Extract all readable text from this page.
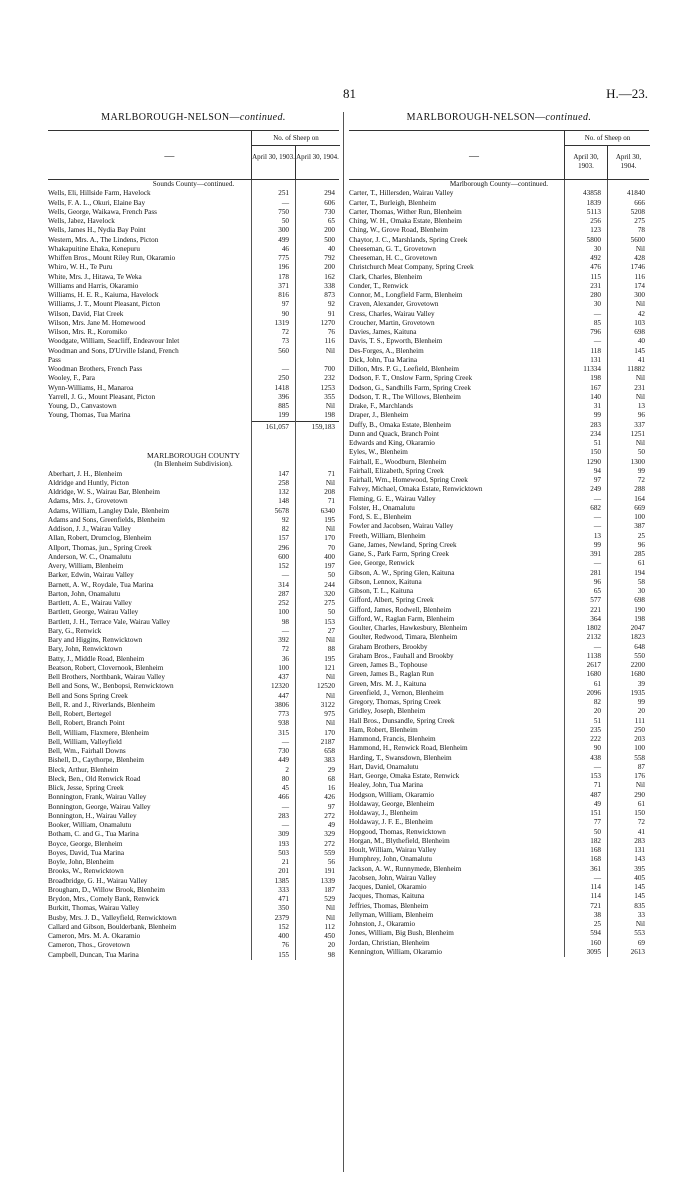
81	H.—23.
MARLBOROUGH-NELSON—continued.
—
No. of Sheep on
April 30, 1903. April 30, 1904.
Sounds County—continued.
Wells, Eli, Hillside Farm, Havelock	251	294
Wells, F. A. L., Okuri, Elaine Bay	—	606
Wells, George, Waikawa, French Pass	750	730
Wells, Jabez, Havelock	50	65
Wells, James H., Nydia Bay Point	300	200
Western, Mrs. A., The Lindens, Picton	499	500
Whakapuitine Ehaka, Kenepuru	46	40
Whiffen Bros., Mount Riley Run, Okaramio	775	792
Whiro, W. H., Te Puru	196	200
White, Mrs. J., Hitawa, Te Weka	178	162
Williams and Harris, Okaramio	371	338
Williams, H. E. R., Kaiuma, Havelock	816	873
Williams, J. T., Mount Pleasant, Picton	97	92
Wilson, David, Flat Creek	90	91
Wilson, Mrs. Jane M. Homewood	1319	1270
Wilson, Mrs. R., Koromiko	72	76
Woodgate, William, Seacliff, Endeavour Inlet	73	116
Woodman and Sons, D'Urville Island, French	560	Nil
Pass
Woodman Brothers, French Pass	—	700
Wooley, F., Para	250	232
Wynn-Williams, H., Manaroa	1418	1253
Yarrell, J. G., Mount Pleasant, Picton	396	355
Young, D., Canvastown	885	Nil
Young, Thomas, Tua Marina	199	198
161,057	159,183
MARLBOROUGH COUNTY
(In Blenheim Subdivision).
Aberhart, J. H., Blenheim	147	71
Aldridge and Huntly, Picton	258	Nil
Aldridge, W. S., Wairau Bar, Blenheim	132	208
Adams, Mrs. J., Grovetown	148	71
Adams, William, Langley Dale, Blenheim	5678	6340
Adams and Sons, Greenfields, Blenheim	92	195
Addison, J. J., Wairau Valley	82	Nil
Allan, Robert, Drumclog, Blenheim	157	170
Allport, Thomas, jun., Spring Creek	296	70
Anderson, W. C., Onamalutu	600	400
Avery, William, Blenheim	152	197
Barker, Edwin, Wairau Valley	—	50
Barnett, A. W., Roydale, Tua Marina	314	244
Barton, John, Onamalutu	287	320
Bartlett, A. E., Wairau Valley	252	275
Bartlett, George, Wairau Valley	100	50
Bartlett, J. H., Terrace Vale, Wairau Valley	98	153
Bary, G., Renwick	—	27
Bary and Higgins, Renwicktown	392	Nil
Bary, John, Renwicktown	72	88
Batty, J., Middle Road, Blenheim	36	195
Beatson, Robert, Clovernook, Blenheim	100	121
Bell Brothers, Northbank, Wairau Valley	437	Nil
Bell and Sons, W., Benbopsi, Renwicktown	12320	12520
Bell and Sons Spring Creek	447	Nil
Bell, R. and J., Riverlands, Blenheim	3806	3122
Bell, Robert, Bertegel	773	975
Bell, Robert, Branch Point	938	Nil
Bell, William, Flaxmere, Blenheim	315	170
Bell, William, Valleyfield	—	2187
Bell, Wm., Fairhall Downs	730	658
Bishell, D., Caythorpe, Blenheim	449	383
Bleck, Arthur, Blenheim	2	29
Bleck, Ben., Old Renwick Road	80	68
Blick, Jesse, Spring Creek	45	16
Bonnington, Frank, Wairau Valley	466	426
Bonnington, George, Wairau Valley	—	97
Bonnington, H., Wairau Valley	283	272
Booker, William, Onamalutu	—	49
Botham, C. and G., Tua Marina	309	329
Boyce, George, Blenheim	193	272
Boyes, David, Tua Marina	503	559
Boyle, John, Blenheim	21	56
Brooks, W., Renwicktown	201	191
Broadbridge, G. H., Wairau Valley	1385	1339
Brougham, D., Willow Brook, Blenheim	333	187
Brydon, Mrs., Comely Bank, Renwick	471	529
Burkitt, Thomas, Wairau Valley	350	Nil
Busby, Mrs. J. D., Valleyfield, Renwicktown	2379	Nil
Callard and Gibson, Boulderbank, Blenheim	152	112
Cameron, Mrs. M. A. Okaramio	400	450
Cameron, Thos., Grovetown	76	20
Campbell, Duncan, Tua Marina	155	98
MARLBOROUGH-NELSON—continued.
—
No. of Sheep on
April 30, 1903.
April 30, 1904.
Marlborough County—continued.
Carter, T., Hillersden, Wairau Valley	43858	41840
Carter, T., Burleigh, Blenheim	1839	666
Carter, Thomas, Wither Run, Blenheim	5113	5208
Ching, W. H., Omaka Estate, Blenheim	256	275
Ching, W., Grove Road, Blenheim	123	78
Chaytor, J. C., Marshlands, Spring Creek	5800	5600
Cheeseman, G. T., Grovetown	30	Nil
Cheeseman, H. C., Grovetown	492	428
Christchurch Meat Company, Spring Creek	476	1746
Clark, Charles, Blenheim	115	116
Conder, T., Renwick	231	174
Connor, M., Longfield Farm, Blenheim	280	300
Craven, Alexander, Grovetown	30	Nil
Cress, Charles, Wairau Valley	—	42
Croucher, Martin, Grovetown	85	103
Davies, James, Kaituna	796	698
Davis, T. S., Epworth, Blenheim	—	40
Des-Forges, A., Blenheim	118	145
Dick, John, Tua Marina	131	41
Dillon, Mrs. P. G., Leefield, Blenheim	11334	11882
Dodson, F. T., Onslow Farm, Spring Creek	198	Nil
Dodson, G., Sandhills Farm, Spring Creek	167	231
Dodson, T. R., The Willows, Blenheim	140	Nil
Drake, F., Marchlands	31	13
Draper, J., Blenheim	99	96
Duffy, B., Omaka Estate, Blenheim	283	337
Dunn and Quack, Branch Point	234	1251
Edwards and King, Okaramio	51	Nil
Eyles, W., Blenheim	150	50
Fairhall, E., Woodburn, Blenheim	1290	1300
Fairhall, Elizabeth, Spring Creek	94	99
Fairhall, Wm., Homewood, Spring Creek	97	72
Falvey, Michael, Omaka Estate, Renwicktown	249	288
Fleming, G. E., Wairau Valley	—	164
Folster, H., Onamalutu	682	669
Ford, S. E., Blenheim	—	100
Fowler and Jacobsen, Wairau Valley	—	387
Freeth, William, Blenheim	13	25
Gane, James, Newland, Spring Creek	99	96
Gane, S., Park Farm, Spring Creek	391	285
Gee, George, Renwick	—	61
Gibson, A. W., Spring Glen, Kaituna	281	194
Gibson, Lennox, Kaituna	96	58
Gibson, T. L., Kaituna	65	30
Gifford, Albert, Spring Creek	577	698
Gifford, James, Rodwell, Blenheim	221	190
Gifford, W., Raglan Farm, Blenheim	364	198
Goulter, Charles, Hawkesbury, Blenheim	1802	2047
Goulter, Redwood, Timara, Blenheim	2132	1823
Graham Brothers, Brookby	—	648
Graham Bros., Fauhall and Brookby	1138	550
Green, James B., Tophouse	2617	2200
Green, James B., Raglan Run	1680	1680
Green, Mrs. M. J., Kaituna	61	39
Greenfield, J., Vernon, Blenheim	2096	1935
Gregory, Thomas, Spring Creek	82	99
Gridley, Joseph, Blenheim	20	20
Hall Bros., Dunsandle, Spring Creek	51	111
Ham, Robert, Blenheim	235	250
Hammond, Francis, Blenheim	222	203
Hammond, H., Renwick Road, Blenheim	90	100
Harding, T., Swansdown, Blenheim	438	558
Hart, David, Onamalutu	—	87
Hart, George, Omaka Estate, Renwick	153	176
Healey, John, Tua Marina	71	Nil
Hodgson, William, Okaramio	487	290
Holdaway, George, Blenheim	49	61
Holdaway, J., Blenheim	151	150
Holdaway, J. F. E., Blenheim	77	72
Hopgood, Thomas, Renwicktown	50	41
Horgan, M., Blythefield, Blenheim	182	283
Hoult, William, Wairau Valley	168	131
Humphrey, John, Onamalutu	168	143
Jackson, A. W., Runnymede, Blenheim	361	395
Jacobsen, John, Wairau Valley	—	405
Jacques, Daniel, Okaramio	114	145
Jacques, Thomas, Kaituna	114	145
Jeffries, Thomas, Blenheim	721	835
Jellyman, William, Blenheim	38	33
Johnston, J., Okaramio	25	Nil
Jones, William, Big Bush, Blenheim	594	553
Jordan, Christian, Blenheim	160	69
Kennington, William, Okaramio	3095	2613
